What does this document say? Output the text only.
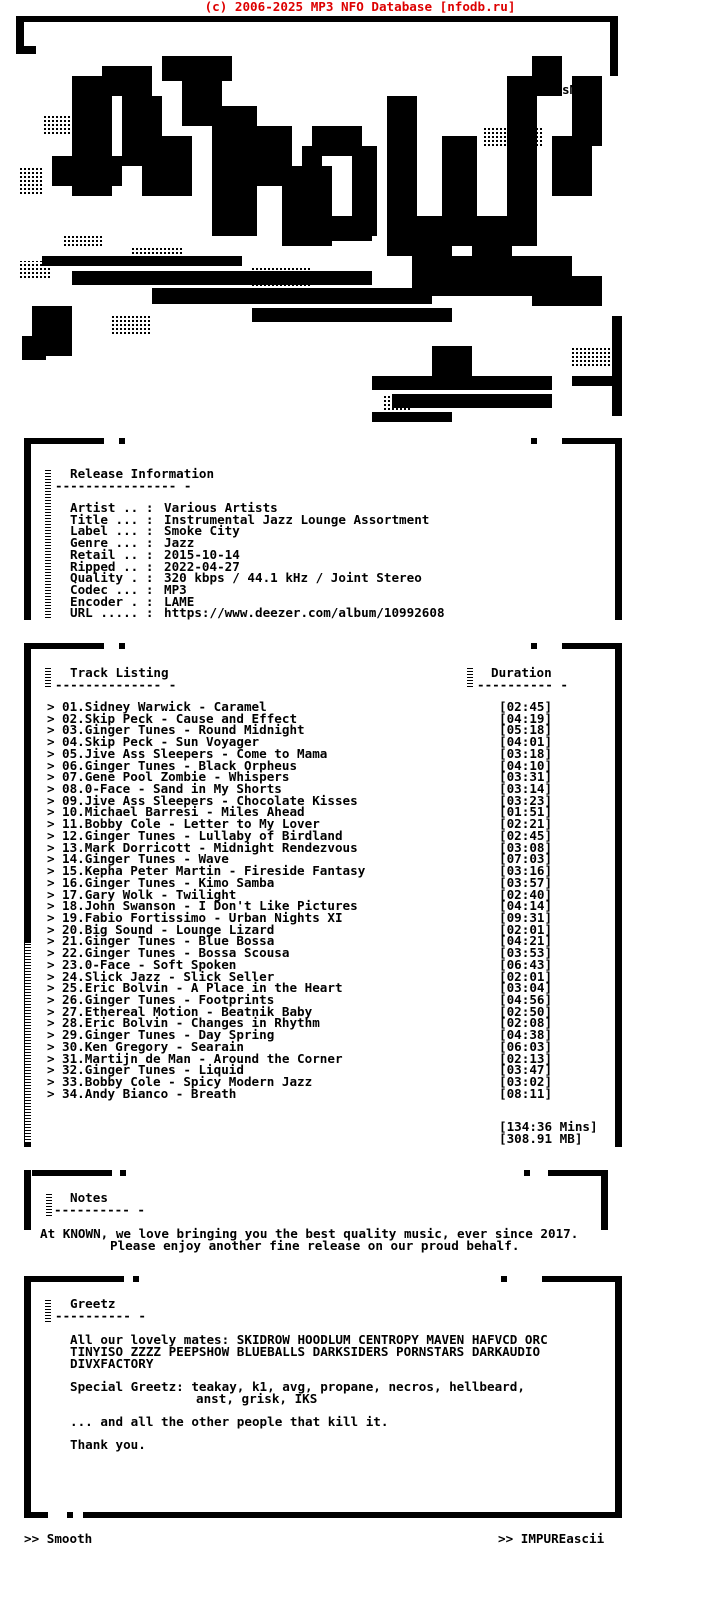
(c) 2006-2025 MP3 NFO Database [nfodb.ru]
sM
Release Information
---------------- -
Artist .. : Various Artists
Title ... : Instrumental Jazz Lounge Assortment
Label ... : Smoke City
Genre ... : Jazz
Retail .. : 2015-10-14
Ripped .. : 2022-04-27
Quality . : 320 kbps / 44.1 kHz / Joint Stereo
Codec ... : MP3
Encoder . : LAME
URL ..... : https://www.deezer.com/album/10992608
Track Listing
-------------- -
Duration
---------- -
> 01.Sidney Warwick - Caramel	[02:45]
> 02.Skip Peck - Cause and Effect	[04:19]
> 03.Ginger Tunes - Round Midnight	[05:18]
> 04.Skip Peck - Sun Voyager	[04:01]
> 05.Jive Ass Sleepers - Come to Mama	[03:18]
> 06.Ginger Tunes - Black Orpheus	[04:10]
> 07.Gene Pool Zombie - Whispers	[03:31]
> 08.0-Face - Sand in My Shorts	[03:14]
> 09.Jive Ass Sleepers - Chocolate Kisses	[03:23]
> 10.Michael Barresi - Miles Ahead	[01:51]
> 11.Bobby Cole - Letter to My Lover	[02:21]
> 12.Ginger Tunes - Lullaby of Birdland	[02:45]
> 13.Mark Dorricott - Midnight Rendezvous	[03:08]
> 14.Ginger Tunes - Wave	[07:03]
> 15.Kepha Peter Martin - Fireside Fantasy	[03:16]
> 16.Ginger Tunes - Kimo Samba	[03:57]
> 17.Gary Wolk - Twilight	[02:40]
> 18.John Swanson - I Don't Like Pictures	[04:14]
> 19.Fabio Fortissimo - Urban Nights XI	[09:31]
> 20.Big Sound - Lounge Lizard	[02:01]
> 21.Ginger Tunes - Blue Bossa	[04:21]
> 22.Ginger Tunes - Bossa Scousa	[03:53]
> 23.0-Face - Soft Spoken	[06:43]
> 24.Slick Jazz - Slick Seller	[02:01]
> 25.Eric Bolvin - A Place in the Heart	[03:04]
> 26.Ginger Tunes - Footprints	[04:56]
> 27.Ethereal Motion - Beatnik Baby	[02:50]
> 28.Eric Bolvin - Changes in Rhythm	[02:08]
> 29.Ginger Tunes - Day Spring	[04:38]
> 30.Ken Gregory - Searain	[06:03]
> 31.Martijn de Man - Around the Corner	[02:13]
> 32.Ginger Tunes - Liquid	[03:47]
> 33.Bobby Cole - Spicy Modern Jazz	[03:02]
> 34.Andy Bianco - Breath	[08:11]
[134:36 Mins]
[308.91 MB]
Notes
---------- -
At KNOWN, we love bringing you the best quality music, ever since 2017.
Please enjoy another fine release on our proud behalf.
Greetz
---------- -
All our lovely mates: SKIDROW HOODLUM CENTROPY MAVEN HAFVCD ORC
TINYISO ZZZZ PEEPSHOW BLUEBALLS DARKSIDERS PORNSTARS DARKAUDIO
DIVXFACTORY
Special Greetz: teakay, k1, avg, propane, necros, hellbeard,
anst, grisk, IKS
... and all the other people that kill it.
Thank you.
>> Smooth	>> IMPUREascii
